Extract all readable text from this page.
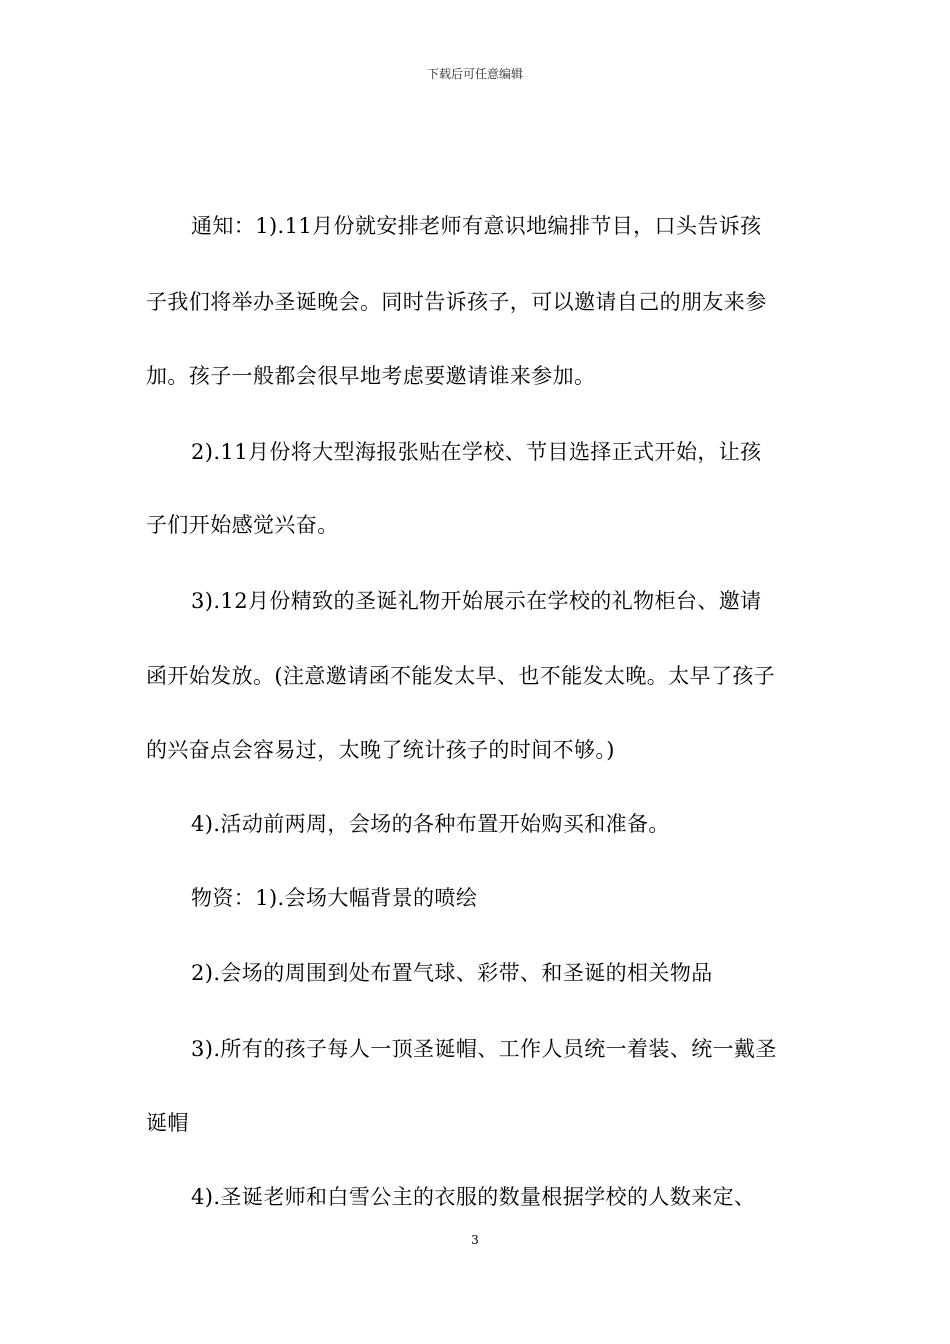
下载后可任意编辑
通知：1).11月份就安排老师有意识地编排节目，口头告诉孩
子我们将举办圣诞晚会。同时告诉孩子，可以邀请自己的朋友来参
加。孩子一般都会很早地考虑要邀请谁来参加。
2).11月份将大型海报张贴在学校、节目选择正式开始，让孩
子们开始感觉兴奋。
3).12月份精致的圣诞礼物开始展示在学校的礼物柜台、邀请
函开始发放。(注意邀请函不能发太早、也不能发太晚。太早了孩子
的兴奋点会容易过，太晚了统计孩子的时间不够。)
4).活动前两周，会场的各种布置开始购买和准备。
物资：1).会场大幅背景的喷绘
2).会场的周围到处布置气球、彩带、和圣诞的相关物品
3).所有的孩子每人一顶圣诞帽、工作人员统一着装、统一戴圣
诞帽
4).圣诞老师和白雪公主的衣服的数量根据学校的人数来定、
3
